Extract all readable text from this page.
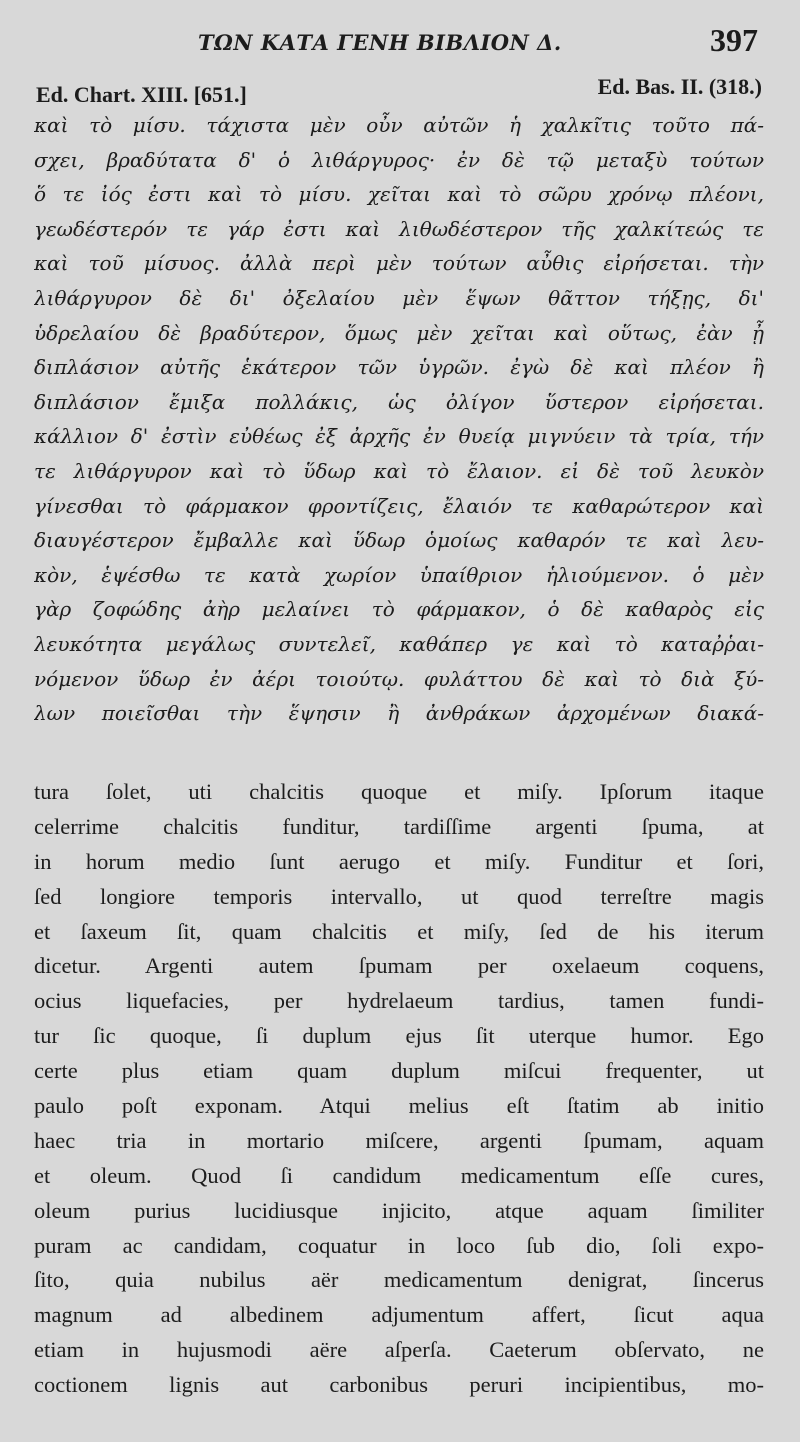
ΤΩΝ ΚΑΤΑ ΓΕΝΗ ΒΙΒΛΙΟΝ Δ.	397
Ed. Chart. XIII. [651.]	Ed. Bas. II. (318.)
καὶ τὸ μίσυ. τάχιστα μὲν οὖν αὐτῶν ἡ χαλκῖτις τοῦτο πά-
σχει, βραδύτατα δ' ὁ λιθάργυρος· ἐν δὲ τῷ μεταξὺ τούτων
ὅ τε ἰός ἐστι καὶ τὸ μίσυ. χεῖται καὶ τὸ σῶρυ χρόνῳ πλέονι,
γεωδέστερόν τε γάρ ἐστι καὶ λιθωδέστερον τῆς χαλκίτεώς τε
καὶ τοῦ μίσυος. ἀλλὰ περὶ μὲν τούτων αὖθις εἰρήσεται. τὴν
λιθάργυρον δὲ δι' ὀξελαίου μὲν ἕψων θᾶττον τήξῃς, δι'
ὑδρελαίου δὲ βραδύτερον, ὅμως μὲν χεῖται καὶ οὕτως, ἐὰν ᾖ
διπλάσιον αὐτῆς ἑκάτερον τῶν ὑγρῶν. ἐγὼ δὲ καὶ πλέον ἢ
διπλάσιον ἔμιξα πολλάκις, ὡς ὀλίγον ὕστερον εἰρήσεται.
κάλλιον δ' ἐστὶν εὐθέως ἐξ ἀρχῆς ἐν θυείᾳ μιγνύειν τὰ τρία, τήν
τε λιθάργυρον καὶ τὸ ὕδωρ καὶ τὸ ἔλαιον. εἰ δὲ τοῦ λευκὸν
γίνεσθαι τὸ φάρμακον φροντίζεις, ἔλαιόν τε καθαρώτερον καὶ
διαυγέστερον ἔμβαλλε καὶ ὕδωρ ὁμοίως καθαρόν τε καὶ λευ-
κὸν, ἑψέσθω τε κατὰ χωρίον ὑπαίθριον ἡλιούμενον. ὁ μὲν
γὰρ ζοφώδης ἀὴρ μελαίνει τὸ φάρμακον, ὁ δὲ καθαρὸς εἰς
λευκότητα μεγάλως συντελεῖ, καθάπερ γε καὶ τὸ καταῤῥαι-
νόμενον ὕδωρ ἐν ἀέρι τοιούτῳ. φυλάττου δὲ καὶ τὸ διὰ ξύ-
λων ποιεῖσθαι τὴν ἕψησιν ἢ ἀνθράκων ἀρχομένων διακά-
tura ſolet, uti chalcitis quoque et miſy. Ipſorum itaque
celerrime chalcitis funditur, tardiſſime argenti ſpuma, at
in horum medio ſunt aerugo et miſy. Funditur et ſori,
ſed longiore temporis intervallo, ut quod terreſtre magis
et ſaxeum ſit, quam chalcitis et miſy, ſed de his iterum
dicetur. Argenti autem ſpumam per oxelaeum coquens,
ocius liquefacies, per hydrelaeum tardius, tamen fundi-
tur ſic quoque, ſi duplum ejus ſit uterque humor. Ego
certe plus etiam quam duplum miſcui frequenter, ut
paulo poſt exponam. Atqui melius eſt ſtatim ab initio
haec tria in mortario miſcere, argenti ſpumam, aquam
et oleum. Quod ſi candidum medicamentum eſſe cures,
oleum purius lucidiusque injicito, atque aquam ſimiliter
puram ac candidam, coquatur in loco ſub dio, ſoli expo-
ſito, quia nubilus aër medicamentum denigrat, ſincerus
magnum ad albedinem adjumentum affert, ſicut aqua
etiam in hujusmodi aëre aſperſa. Caeterum obſervato, ne
coctionem lignis aut carbonibus peruri incipientibus, mo-
